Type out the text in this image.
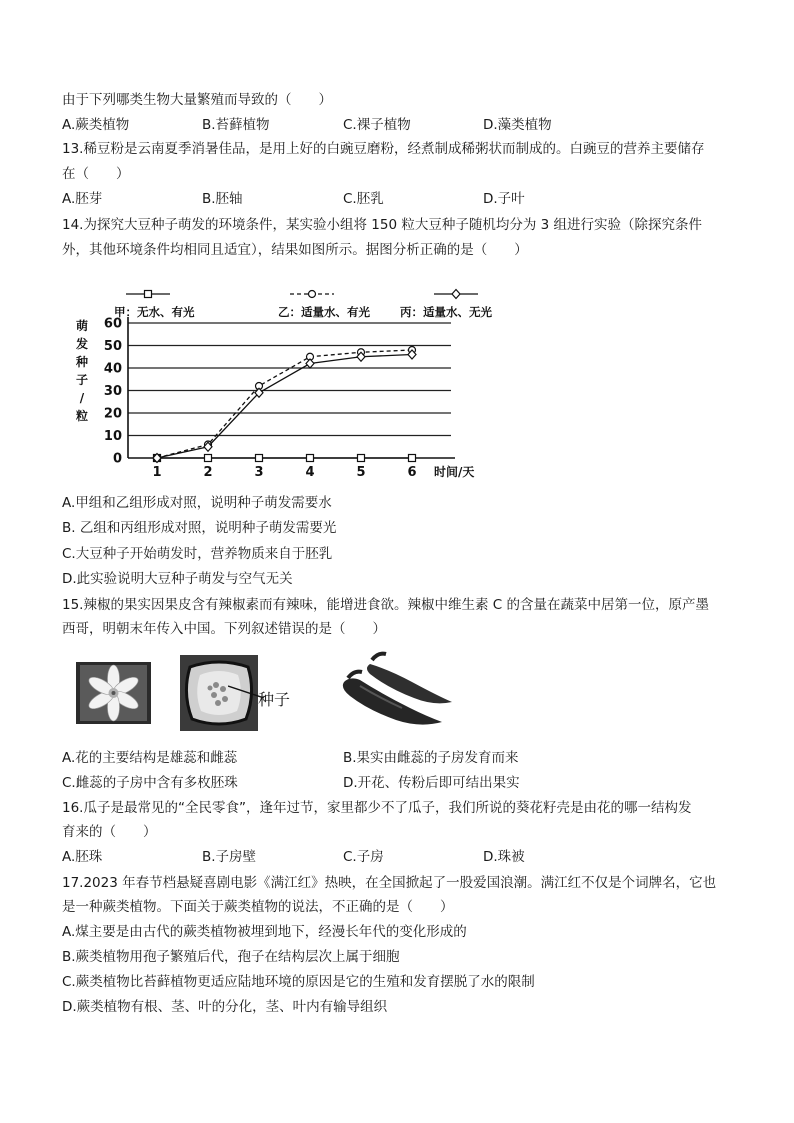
由于下列哪类生物大量繁殖而导致的（　　）
A.蕨类植物	B.苔藓植物	C.裸子植物	D.藻类植物
13.稀豆粉是云南夏季消暑佳品，是用上好的白豌豆磨粉，经煮制成稀粥状而制成的。白豌豆的营养主要储存
在（　　）
A.胚芽	B.胚轴	C.胚乳	D.子叶
14.为探究大豆种子萌发的环境条件，某实验小组将 150 粒大豆种子随机均分为 3 组进行实验（除探究条件
外，其他环境条件均相同且适宜），结果如图所示。据图分析正确的是（　　）
甲：无水、有光	乙：适量水、有光	丙：适量水、无光
0
10
20
30
40
50
60
萌
发
种
子
/
粒
1	2	3	4	5	6 时间/天
A.甲组和乙组形成对照，说明种子萌发需要水
B. 乙组和丙组形成对照，说明种子萌发需要光
C.大豆种子开始萌发时，营养物质来自于胚乳
D.此实验说明大豆种子萌发与空气无关
15.辣椒的果实因果皮含有辣椒素而有辣味，能增进食欲。辣椒中维生素 C 的含量在蔬菜中居第一位，原产墨
西哥，明朝末年传入中国。下列叙述错误的是（　　）
种子
A.花的主要结构是雄蕊和雌蕊	B.果实由雌蕊的子房发育而来
C.雌蕊的子房中含有多枚胚珠	D.开花、传粉后即可结出果实
16.瓜子是最常见的“全民零食”，逢年过节，家里都少不了瓜子，我们所说的葵花籽壳是由花的哪一结构发
育来的（　　）
A.胚珠	B.子房壁	C.子房	D.珠被
17.2023 年春节档悬疑喜剧电影《满江红》热映，在全国掀起了一股爱国浪潮。满江红不仅是个词牌名，它也
是一种蕨类植物。下面关于蕨类植物的说法，不正确的是（　　）
A.煤主要是由古代的蕨类植物被埋到地下，经漫长年代的变化形成的
B.蕨类植物用孢子繁殖后代，孢子在结构层次上属于细胞
C.蕨类植物比苔藓植物更适应陆地环境的原因是它的生殖和发育摆脱了水的限制
D.蕨类植物有根、茎、叶的分化，茎、叶内有输导组织
